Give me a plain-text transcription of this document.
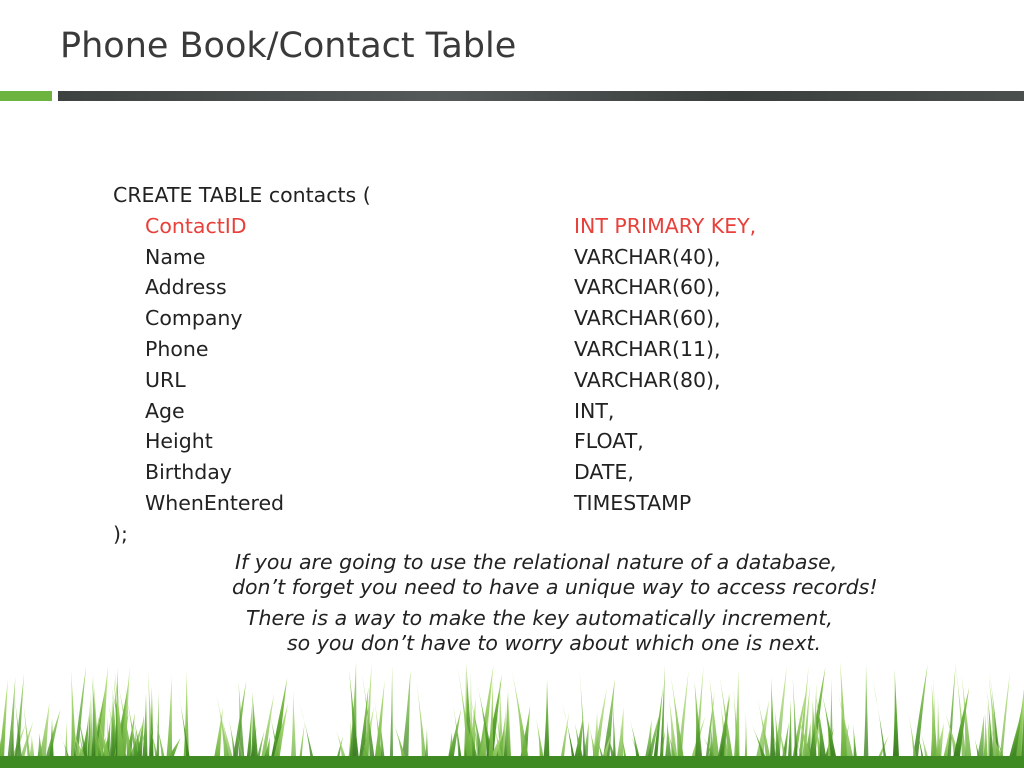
Phone Book/Contact Table
CREATE TABLE contacts (
ContactID	INT PRIMARY KEY,
Name	VARCHAR(40),
Address	VARCHAR(60),
Company	VARCHAR(60),
Phone	VARCHAR(11),
URL	VARCHAR(80),
Age	INT,
Height	FLOAT,
Birthday	DATE,
WhenEntered	TIMESTAMP
);
If you are going to use the relational nature of a database,
don’t forget you need to have a unique way to access records!
There is a way to make the key automatically increment,
so you don’t have to worry about which one is next.
